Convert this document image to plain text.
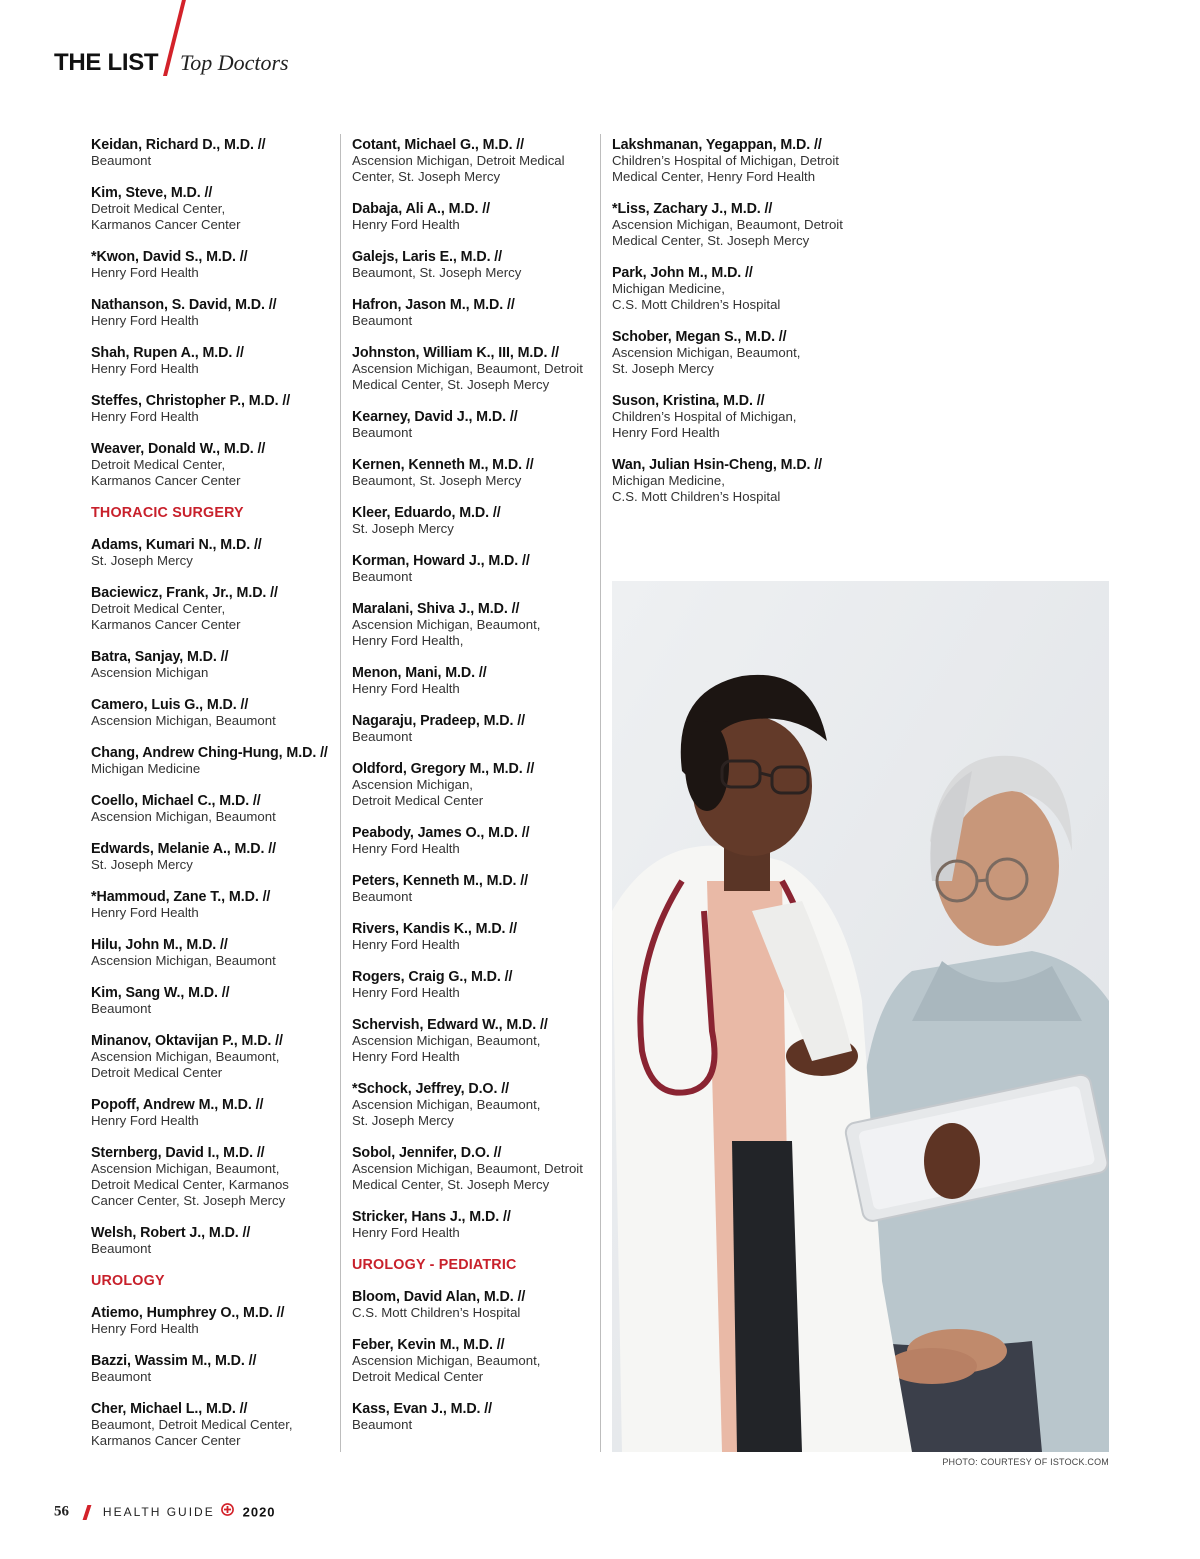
THE LIST Top Doctors
Keidan, Richard D., M.D. //
Beaumont
Kim, Steve, M.D. //
Detroit Medical Center,
Karmanos Cancer Center
*Kwon, David S., M.D. //
Henry Ford Health
Nathanson, S. David, M.D. //
Henry Ford Health
Shah, Rupen A., M.D. //
Henry Ford Health
Steffes, Christopher P., M.D. //
Henry Ford Health
Weaver, Donald W., M.D. //
Detroit Medical Center,
Karmanos Cancer Center
THORACIC SURGERY
Adams, Kumari N., M.D. //
St. Joseph Mercy
Baciewicz, Frank, Jr., M.D. //
Detroit Medical Center,
Karmanos Cancer Center
Batra, Sanjay, M.D. //
Ascension Michigan
Camero, Luis G., M.D. //
Ascension Michigan, Beaumont
Chang, Andrew Ching-Hung, M.D. //
Michigan Medicine
Coello, Michael C., M.D. //
Ascension Michigan, Beaumont
Edwards, Melanie A., M.D. //
St. Joseph Mercy
*Hammoud, Zane T., M.D. //
Henry Ford Health
Hilu, John M., M.D. //
Ascension Michigan, Beaumont
Kim, Sang W., M.D. //
Beaumont
Minanov, Oktavijan P., M.D. //
Ascension Michigan, Beaumont,
Detroit Medical Center
Popoff, Andrew M., M.D. //
Henry Ford Health
Sternberg, David I., M.D. //
Ascension Michigan, Beaumont,
Detroit Medical Center, Karmanos
Cancer Center, St. Joseph Mercy
Welsh, Robert J., M.D. //
Beaumont
UROLOGY
Atiemo, Humphrey O., M.D. //
Henry Ford Health
Bazzi, Wassim M., M.D. //
Beaumont
Cher, Michael L., M.D. //
Beaumont, Detroit Medical Center,
Karmanos Cancer Center
Cotant, Michael G., M.D. //
Ascension Michigan, Detroit Medical
Center, St. Joseph Mercy
Dabaja, Ali A., M.D. //
Henry Ford Health
Galejs, Laris E., M.D. //
Beaumont, St. Joseph Mercy
Hafron, Jason M., M.D. //
Beaumont
Johnston, William K., III, M.D. //
Ascension Michigan, Beaumont, Detroit
Medical Center, St. Joseph Mercy
Kearney, David J., M.D. //
Beaumont
Kernen, Kenneth M., M.D. //
Beaumont, St. Joseph Mercy
Kleer, Eduardo, M.D. //
St. Joseph Mercy
Korman, Howard J., M.D. //
Beaumont
Maralani, Shiva J., M.D. //
Ascension Michigan, Beaumont,
Henry Ford Health,
Menon, Mani, M.D. //
Henry Ford Health
Nagaraju, Pradeep, M.D. //
Beaumont
Oldford, Gregory M., M.D. //
Ascension Michigan,
Detroit Medical Center
Peabody, James O., M.D. //
Henry Ford Health
Peters, Kenneth M., M.D. //
Beaumont
Rivers, Kandis K., M.D. //
Henry Ford Health
Rogers, Craig G., M.D. //
Henry Ford Health
Schervish, Edward W., M.D. //
Ascension Michigan, Beaumont,
Henry Ford Health
*Schock, Jeffrey, D.O. //
Ascension Michigan, Beaumont,
St. Joseph Mercy
Sobol, Jennifer, D.O. //
Ascension Michigan, Beaumont, Detroit
Medical Center, St. Joseph Mercy
Stricker, Hans J., M.D. //
Henry Ford Health
UROLOGY - PEDIATRIC
Bloom, David Alan, M.D. //
C.S. Mott Children’s Hospital
Feber, Kevin M., M.D. //
Ascension Michigan, Beaumont,
Detroit Medical Center
Kass, Evan J., M.D. //
Beaumont
Lakshmanan, Yegappan, M.D. //
Children’s Hospital of Michigan, Detroit
Medical Center, Henry Ford Health
*Liss, Zachary J., M.D. //
Ascension Michigan, Beaumont, Detroit
Medical Center, St. Joseph Mercy
Park, John M., M.D. //
Michigan Medicine,
C.S. Mott Children’s Hospital
Schober, Megan S., M.D. //
Ascension Michigan, Beaumont,
St. Joseph Mercy
Suson, Kristina, M.D. //
Children’s Hospital of Michigan,
Henry Ford Health
Wan, Julian Hsin-Cheng, M.D. //
Michigan Medicine,
C.S. Mott Children’s Hospital
PHOTO: COURTESY OF ISTOCK.COM
56	HEALTH GUIDE 2020
